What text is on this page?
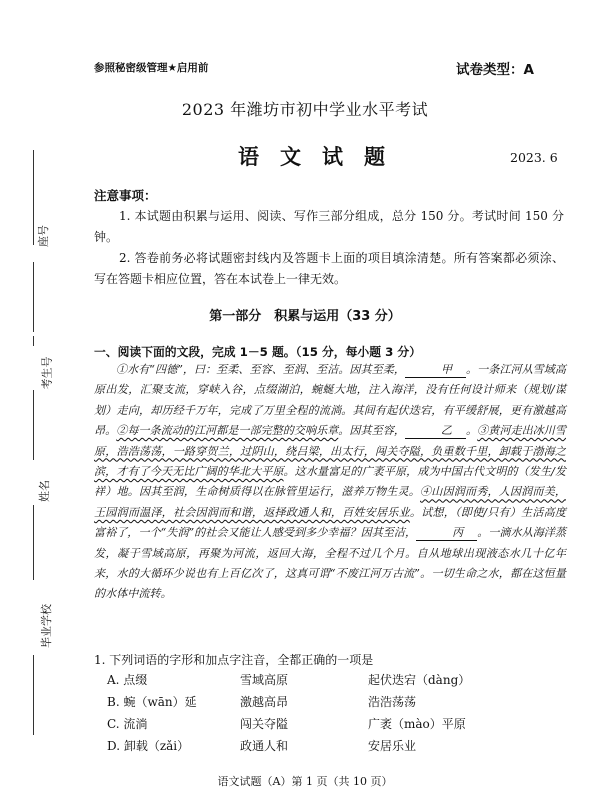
座号
考生号
姓名
毕业学校
参照秘密级管理★启用前	试卷类型：A
2023 年潍坊市初中学业水平考试
语文试题	2023. 6
注意事项：
1. 本试题由积累与运用、阅读、写作三部分组成，总分 150 分。考试时间 150 分钟。
2. 答卷前务必将试题密封线内及答题卡上面的项目填涂清楚。所有答案都必须涂、写在答题卡相应位置，答在本试卷上一律无效。
第一部分　积累与运用（33 分）
一、阅读下面的文段，完成 1－5 题。（15 分，每小题 3 分）
①水有“四德”，曰：至柔、至容、至润、至洁。因其至柔，	甲 。一条江河从雪域高原出发，汇聚支流，穿峡入谷，点缀湖泊，蜿蜒大地，注入海洋，没有任何设计师来（规划/谋划）走向，却历经千万年，完成了万里全程的流淌。其间有起伏迭宕，有平缓舒展，更有激越高昂。②每一条流动的江河都是一部完整的交响乐章。因其至容，	乙 。③黄河走出冰川雪原，浩浩荡荡，一路穿贺兰，过阴山，绕吕梁，出太行，闯关夺隘，负重数千里，卸载于渤海之滨，才有了今天无比广阔的华北大平原。这水量富足的广袤平原，成为中国古代文明的（发生/发祥）地。因其至润，生命树质得以在脉管里运行，滋养万物生灵。④山因润而秀，人因润而美，王园润而温泽，社会因润而和谐，返择政通人和，百姓安居乐业。试想，（即使/只有）生活高度富裕了，一个“失润”的社会又能让人感受到多少幸福？因其至洁，	丙 。一滴水从海洋蒸发，凝于雪域高原，再聚为河流，返回大海，全程不过几个月。自从地球出现液态水几十亿年来，水的大循环少说也有上百亿次了，这真可谓“不废江河万古流”。一切生命之水，都在这恒量的水体中流转。
1. 下列词语的字形和加点字注音，全都正确的一项是
A. 点缀	雪域高原	起伏迭宕（dàng）
B. 蜿（wān）延	激越高昂	浩浩荡荡
C. 流淌	闯关夺隘	广袤（mào）平原
D. 卸载（zǎi）	政通人和	安居乐业
语文试题（A）第 1 页（共 10 页）
